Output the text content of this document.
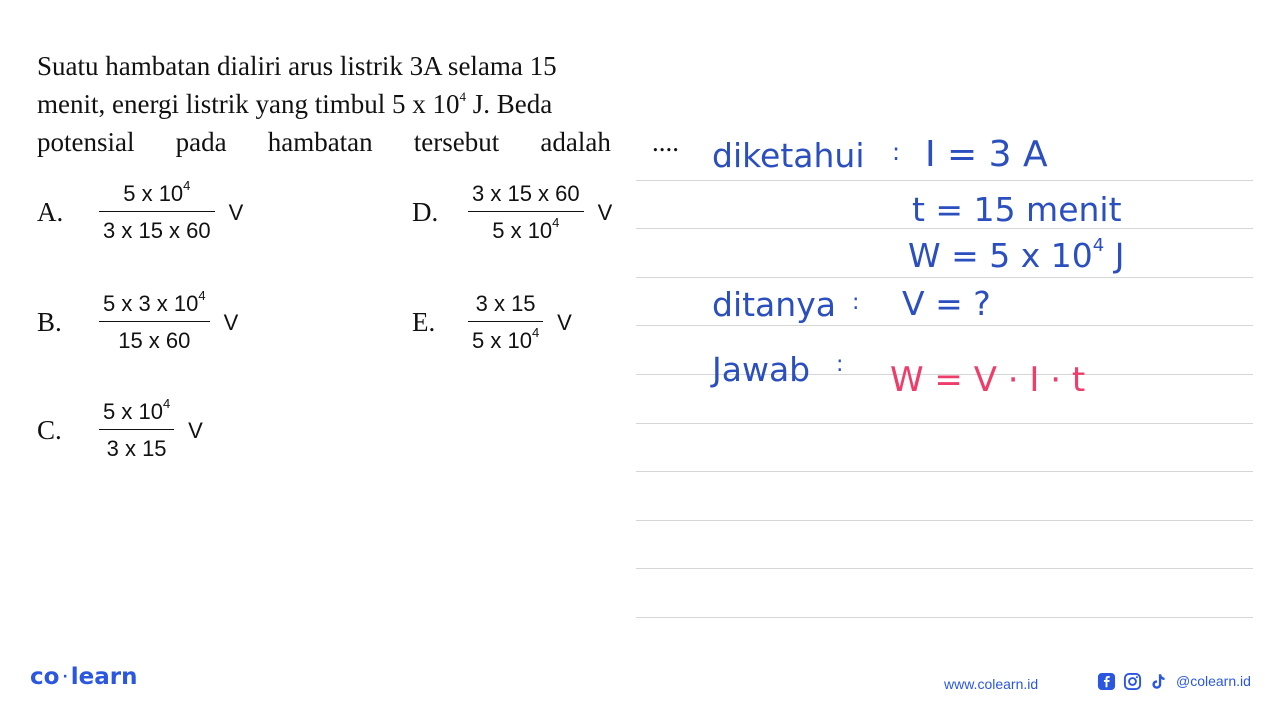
Suatu hambatan dialiri arus listrik 3A selama 15
menit, energi listrik yang timbul 5 x $10^4$ J. Beda
potensial pada hambatan tersebut adalah ....
A.	$\frac{5 x 10^4}{3 x 15 x 60}$ V
B.	$\frac{5 x 3 x 10^4}{15 x 60}$ V
C.	$\frac{5 x 10^4}{3 x 15}$ V
D.	$\frac{3 x 15 x 60}{5 x 10^4}$ V
E.	$\frac{3 x 15}{5 x 10^4}$ V
diketahui : I = 3 A
t = 15 menit
W = 5 x $10^4$ J
ditanya : V = ?
Jawab : W = V · I · t
co · learn	www.colearn.id	@colearn.id
